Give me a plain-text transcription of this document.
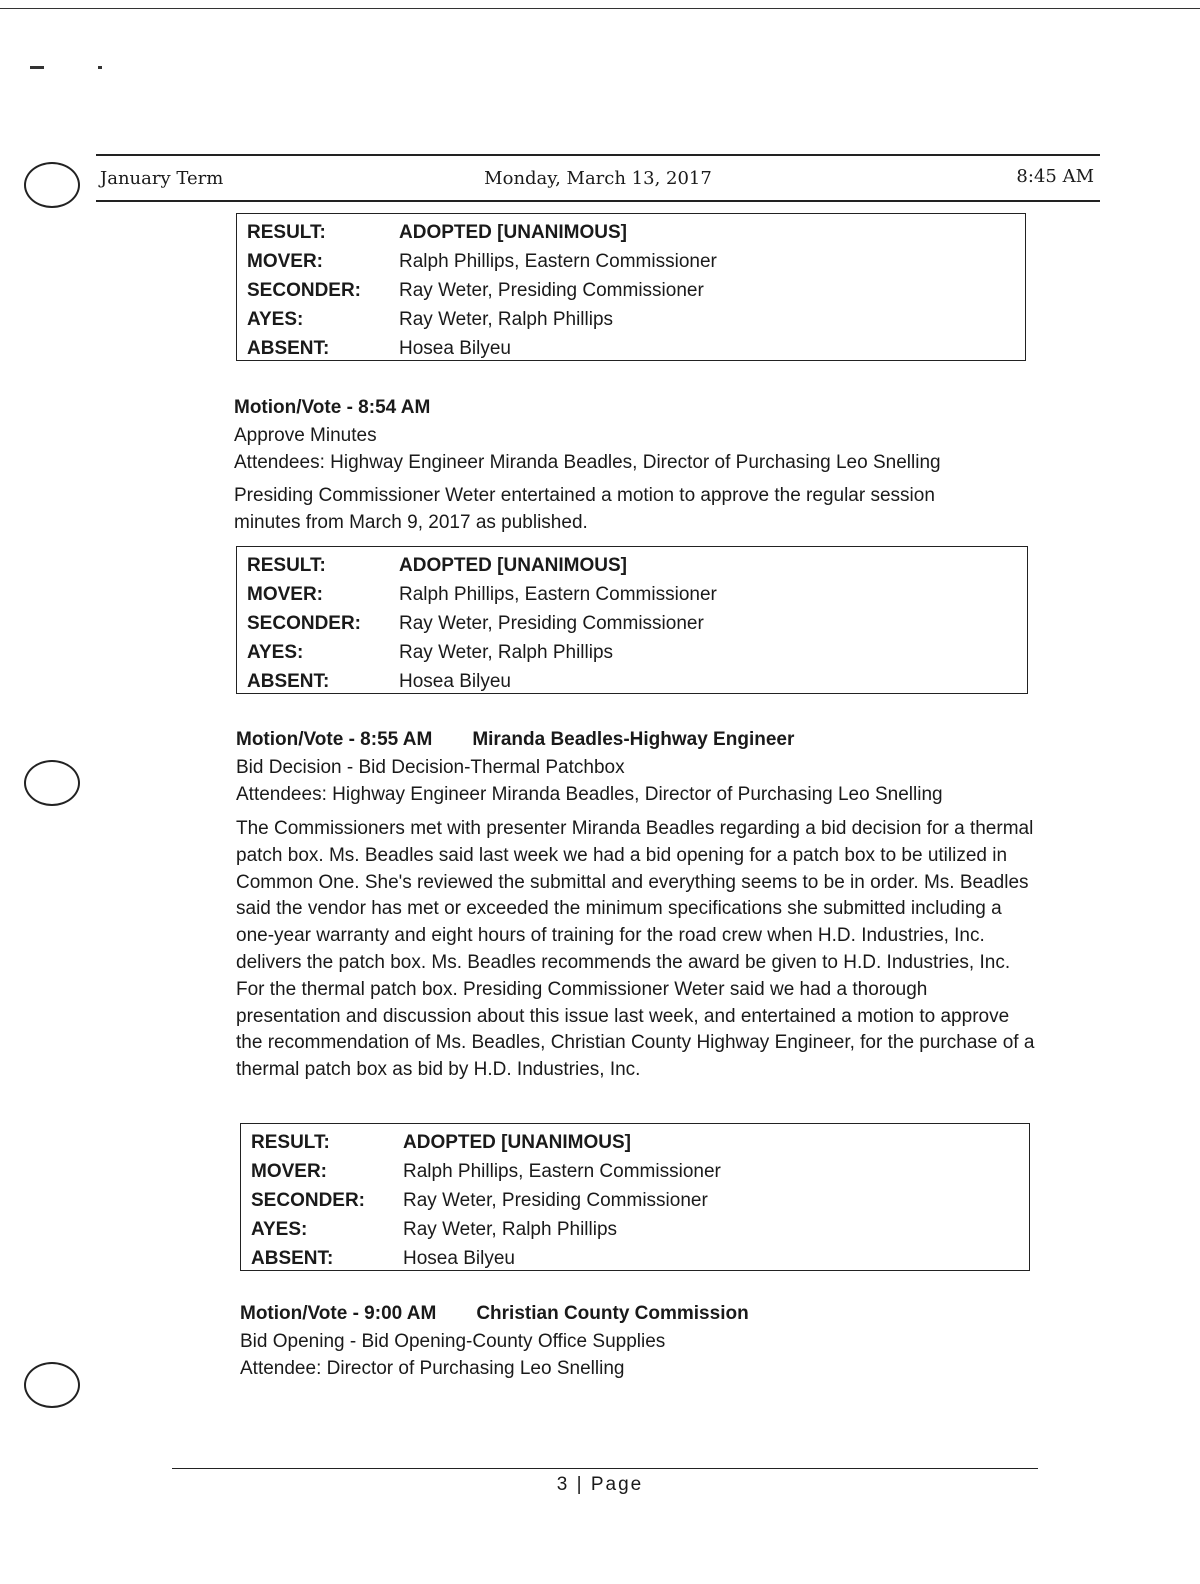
January Term	Monday, March 13, 2017	8:45 AM
RESULT:	ADOPTED [UNANIMOUS]
MOVER:	Ralph Phillips, Eastern Commissioner
SECONDER:	Ray Weter, Presiding Commissioner
AYES:	Ray Weter, Ralph Phillips
ABSENT:	Hosea Bilyeu
Motion/Vote - 8:54 AM
Approve Minutes
Attendees: Highway Engineer Miranda Beadles, Director of Purchasing Leo Snelling
Presiding Commissioner Weter entertained a motion to approve the regular session minutes from March 9, 2017 as published.
RESULT:	ADOPTED [UNANIMOUS]
MOVER:	Ralph Phillips, Eastern Commissioner
SECONDER:	Ray Weter, Presiding Commissioner
AYES:	Ray Weter, Ralph Phillips
ABSENT:	Hosea Bilyeu
Motion/Vote - 8:55 AM Miranda Beadles-Highway Engineer
Bid Decision - Bid Decision-Thermal Patchbox
Attendees: Highway Engineer Miranda Beadles, Director of Purchasing Leo Snelling
The Commissioners met with presenter Miranda Beadles regarding a bid decision for a thermal patch box. Ms. Beadles said last week we had a bid opening for a patch box to be utilized in Common One. She's reviewed the submittal and everything seems to be in order. Ms. Beadles said the vendor has met or exceeded the minimum specifications she submitted including a one-year warranty and eight hours of training for the road crew when H.D. Industries, Inc. delivers the patch box. Ms. Beadles recommends the award be given to H.D. Industries, Inc. For the thermal patch box. Presiding Commissioner Weter said we had a thorough presentation and discussion about this issue last week, and entertained a motion to approve the recommendation of Ms. Beadles, Christian County Highway Engineer, for the purchase of a thermal patch box as bid by H.D. Industries, Inc.
RESULT:	ADOPTED [UNANIMOUS]
MOVER:	Ralph Phillips, Eastern Commissioner
SECONDER:	Ray Weter, Presiding Commissioner
AYES:	Ray Weter, Ralph Phillips
ABSENT:	Hosea Bilyeu
Motion/Vote - 9:00 AM Christian County Commission
Bid Opening - Bid Opening-County Office Supplies
Attendee: Director of Purchasing Leo Snelling
3 | Page
